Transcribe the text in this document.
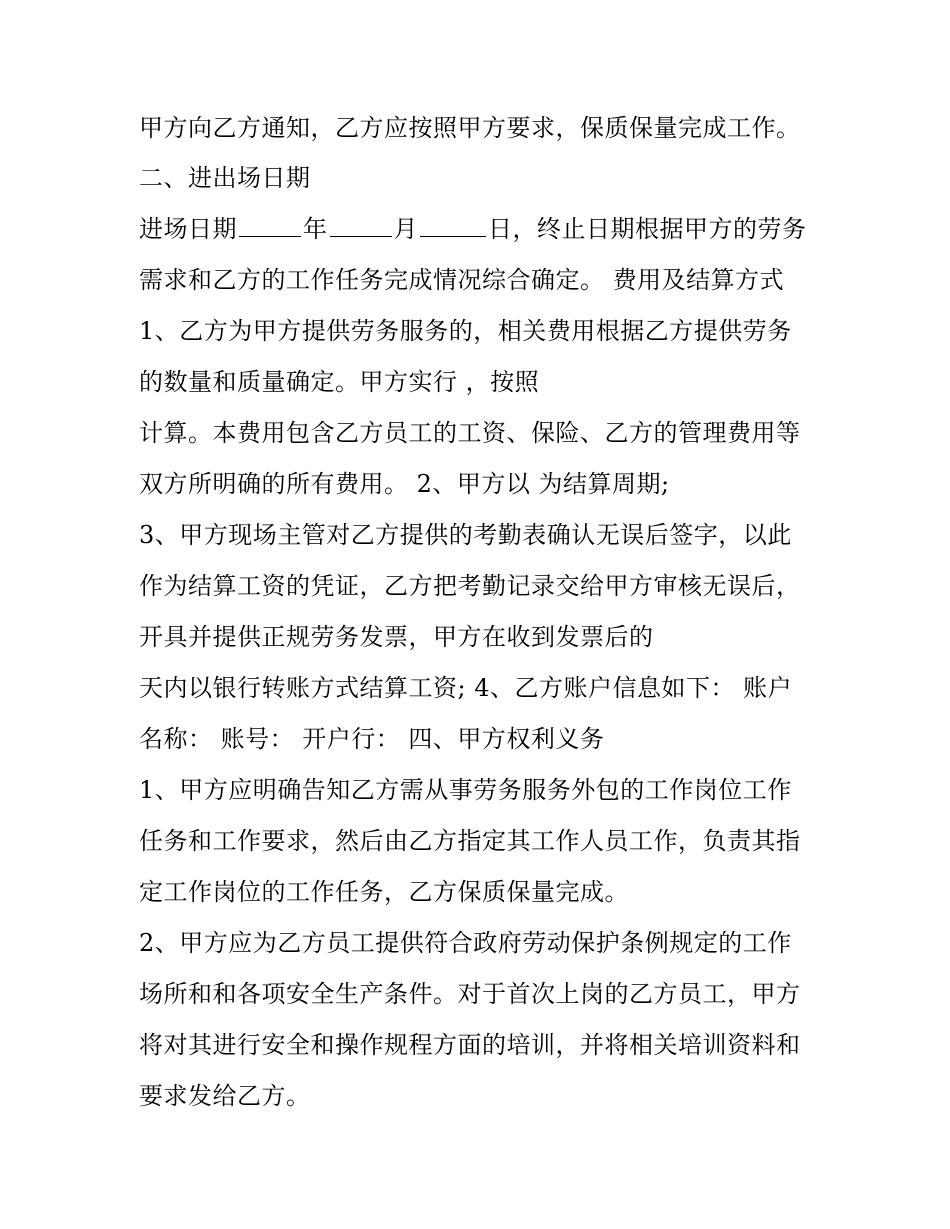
甲方向乙方通知，乙方应按照甲方要求，保质保量完成工作。
二、进出场日期
进场日期	年	月	日，终止日期根据甲方的劳务
需求和乙方的工作任务完成情况综合确定。 费用及结算方式
1、乙方为甲方提供劳务服务的，相关费用根据乙方提供劳务
的数量和质量确定。甲方实行 ，按照
计算。本费用包含乙方员工的工资、保险、乙方的管理费用等
双方所明确的所有费用。 2、甲方以 为结算周期;
3、甲方现场主管对乙方提供的考勤表确认无误后签字，以此
作为结算工资的凭证，乙方把考勤记录交给甲方审核无误后，
开具并提供正规劳务发票，甲方在收到发票后的
天内以银行转账方式结算工资; 4、乙方账户信息如下： 账户
名称： 账号： 开户行： 四、甲方权利义务
1、甲方应明确告知乙方需从事劳务服务外包的工作岗位工作
任务和工作要求，然后由乙方指定其工作人员工作，负责其指
定工作岗位的工作任务，乙方保质保量完成。
2、甲方应为乙方员工提供符合政府劳动保护条例规定的工作
场所和和各项安全生产条件。对于首次上岗的乙方员工，甲方
将对其进行安全和操作规程方面的培训，并将相关培训资料和
要求发给乙方。
